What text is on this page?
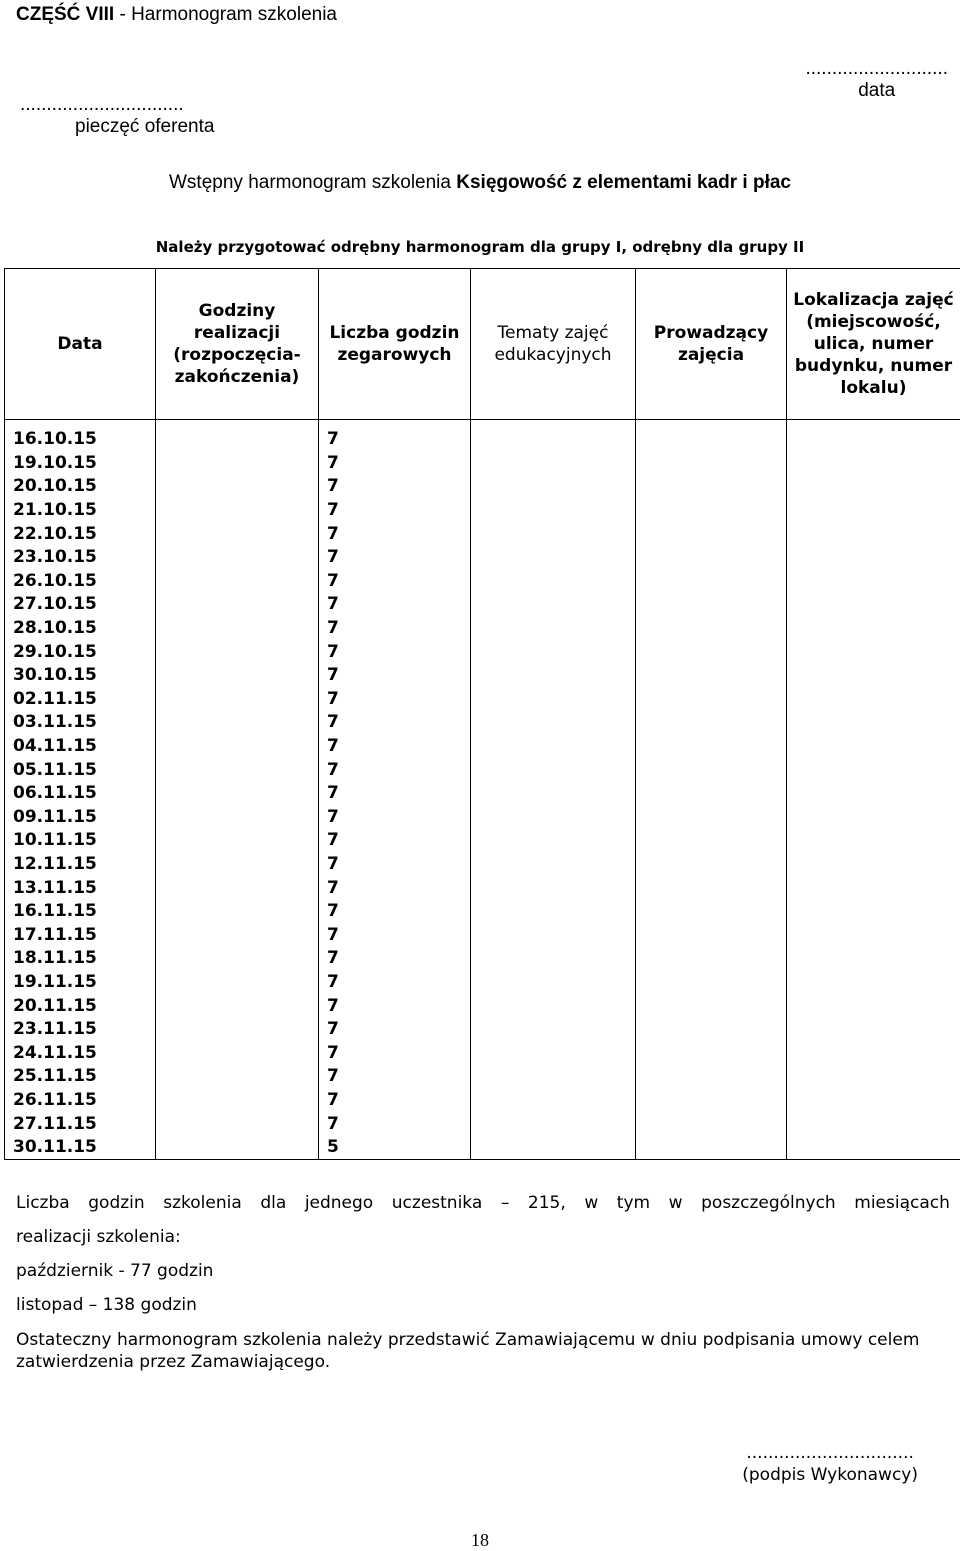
CZĘŚĆ VIII - Harmonogram szkolenia
...........................
data
...............................
pieczęć oferenta
Wstępny harmonogram szkolenia Księgowość z elementami kadr i płac
Należy przygotować odrębny harmonogram dla grupy I, odrębny dla grupy II
Data	Godziny realizacji (rozpoczęcia-zakończenia)	Liczba godzin zegarowych	Tematy zajęć edukacyjnych	Prowadzący zajęcia	Lokalizacja zajęć (miejscowość, ulica, numer budynku, numer lokalu)
16.10.15		7			
19.10.15		7			
20.10.15		7			
21.10.15		7			
22.10.15		7			
23.10.15		7			
26.10.15		7			
27.10.15		7			
28.10.15		7			
29.10.15		7			
30.10.15		7			
02.11.15		7			
03.11.15		7			
04.11.15		7			
05.11.15		7			
06.11.15		7			
09.11.15		7			
10.11.15		7			
12.11.15		7			
13.11.15		7			
16.11.15		7			
17.11.15		7			
18.11.15		7			
19.11.15		7			
20.11.15		7			
23.11.15		7			
24.11.15		7			
25.11.15		7			
26.11.15		7			
27.11.15		7			
30.11.15		5			
Liczba godzin szkolenia dla jednego uczestnika – 215, w tym w poszczególnych miesiącach
realizacji szkolenia:
październik - 77 godzin
listopad – 138 godzin
Ostateczny harmonogram szkolenia należy przedstawić Zamawiającemu w dniu podpisania umowy celem zatwierdzenia przez Zamawiającego.
...............................
(podpis Wykonawcy)
18
